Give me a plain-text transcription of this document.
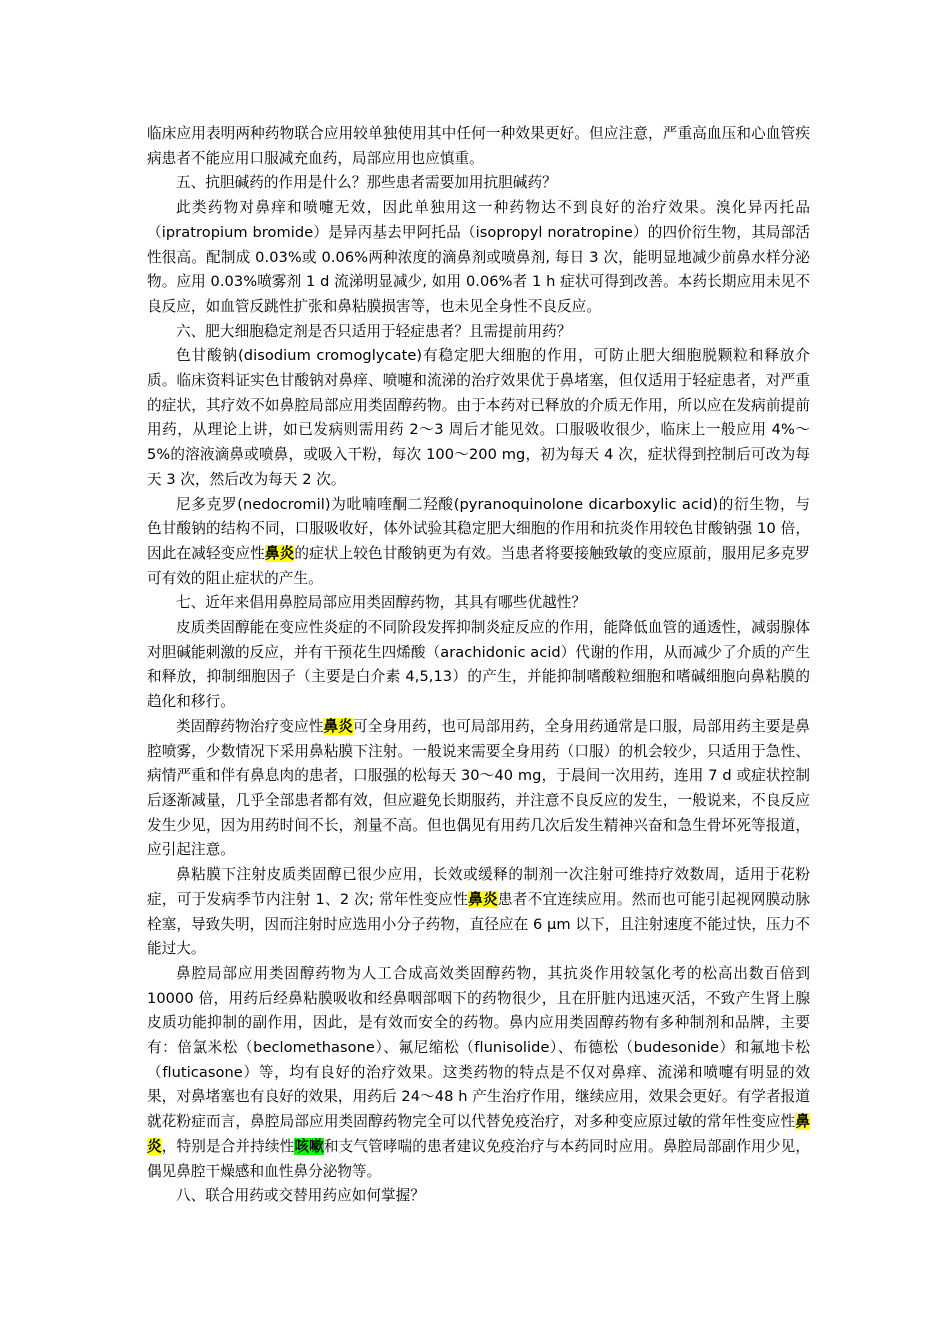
临床应用表明两种药物联合应用较单独使用其中任何一种效果更好。但应注意，严重高血压和心血管疾病患者不能应用口服减充血药，局部应用也应慎重。

五、抗胆碱药的作用是什么？那些患者需要加用抗胆碱药？

此类药物对鼻痒和喷嚏无效，因此单独用这一种药物达不到良好的治疗效果。溴化异丙托品（ipratropium bromide）是异丙基去甲阿托品（isopropyl noratropine）的四价衍生物，其局部活性很高。配制成 0.03%或 0.06%两种浓度的滴鼻剂或喷鼻剂, 每日 3 次，能明显地减少前鼻水样分泌物。应用 0.03%喷雾剂 1 d 流涕明显减少, 如用 0.06%者 1 h 症状可得到改善。本药长期应用未见不良反应，如血管反跳性扩张和鼻粘膜损害等，也未见全身性不良反应。

六、肥大细胞稳定剂是否只适用于轻症患者？且需提前用药？

色甘酸钠(disodium cromoglycate)有稳定肥大细胞的作用，可防止肥大细胞脱颗粒和释放介质。临床资料证实色甘酸钠对鼻痒、喷嚏和流涕的治疗效果优于鼻堵塞，但仅适用于轻症患者，对严重的症状，其疗效不如鼻腔局部应用类固醇药物。由于本药对已释放的介质无作用，所以应在发病前提前用药，从理论上讲，如已发病则需用药 2～3 周后才能见效。口服吸收很少，临床上一般应用 4%～5%的溶液滴鼻或喷鼻，或吸入干粉，每次 100～200 mg，初为每天 4 次，症状得到控制后可改为每天 3 次，然后改为每天 2 次。

尼多克罗(nedocromil)为吡喃喹酮二羟酸(pyranoquinolone dicarboxylic acid)的衍生物，与色甘酸钠的结构不同，口服吸收好，体外试验其稳定肥大细胞的作用和抗炎作用较色甘酸钠强 10 倍，因此在减轻变应性鼻炎的症状上较色甘酸钠更为有效。当患者将要接触致敏的变应原前，服用尼多克罗可有效的阻止症状的产生。

七、近年来倡用鼻腔局部应用类固醇药物，其具有哪些优越性？

皮质类固醇能在变应性炎症的不同阶段发挥抑制炎症反应的作用，能降低血管的通透性，减弱腺体对胆碱能刺激的反应，并有干预花生四烯酸（arachidonic acid）代谢的作用，从而减少了介质的产生和释放，抑制细胞因子（主要是白介素 4,5,13）的产生，并能抑制嗜酸粒细胞和嗜碱细胞向鼻粘膜的趋化和移行。

类固醇药物治疗变应性鼻炎可全身用药，也可局部用药，全身用药通常是口服，局部用药主要是鼻腔喷雾，少数情况下采用鼻粘膜下注射。一般说来需要全身用药（口服）的机会较少，只适用于急性、病情严重和伴有鼻息肉的患者，口服强的松每天 30～40 mg，于晨间一次用药，连用 7 d 或症状控制后逐渐减量，几乎全部患者都有效，但应避免长期服药，并注意不良反应的发生，一般说来，不良反应发生少见，因为用药时间不长，剂量不高。但也偶见有用药几次后发生精神兴奋和急生骨坏死等报道，应引起注意。

鼻粘膜下注射皮质类固醇已很少应用，长效或缓释的制剂一次注射可维持疗效数周，适用于花粉症，可于发病季节内注射 1、2 次; 常年性变应性鼻炎患者不宜连续应用。然而也可能引起视网膜动脉栓塞，导致失明，因而注射时应选用小分子药物，直径应在 6 μm 以下，且注射速度不能过快，压力不能过大。

鼻腔局部应用类固醇药物为人工合成高效类固醇药物，其抗炎作用较氢化考的松高出数百倍到 10000 倍，用药后经鼻粘膜吸收和经鼻咽部咽下的药物很少，且在肝脏内迅速灭活，不致产生肾上腺皮质功能抑制的副作用，因此，是有效而安全的药物。鼻内应用类固醇药物有多种制剂和品牌，主要有：倍氯米松（beclomethasone）、氟尼缩松（flunisolide）、布德松（budesonide）和氟地卡松（fluticasone）等，均有良好的治疗效果。这类药物的特点是不仅对鼻痒、流涕和喷嚏有明显的效果，对鼻堵塞也有良好的效果，用药后 24～48 h 产生治疗作用，继续应用，效果会更好。有学者报道就花粉症而言，鼻腔局部应用类固醇药物完全可以代替免疫治疗，对多种变应原过敏的常年性变应性鼻炎，特别是合并持续性咳嗽和支气管哮喘的患者建议免疫治疗与本药同时应用。鼻腔局部副作用少见，偶见鼻腔干燥感和血性鼻分泌物等。

八、联合用药或交替用药应如何掌握？
